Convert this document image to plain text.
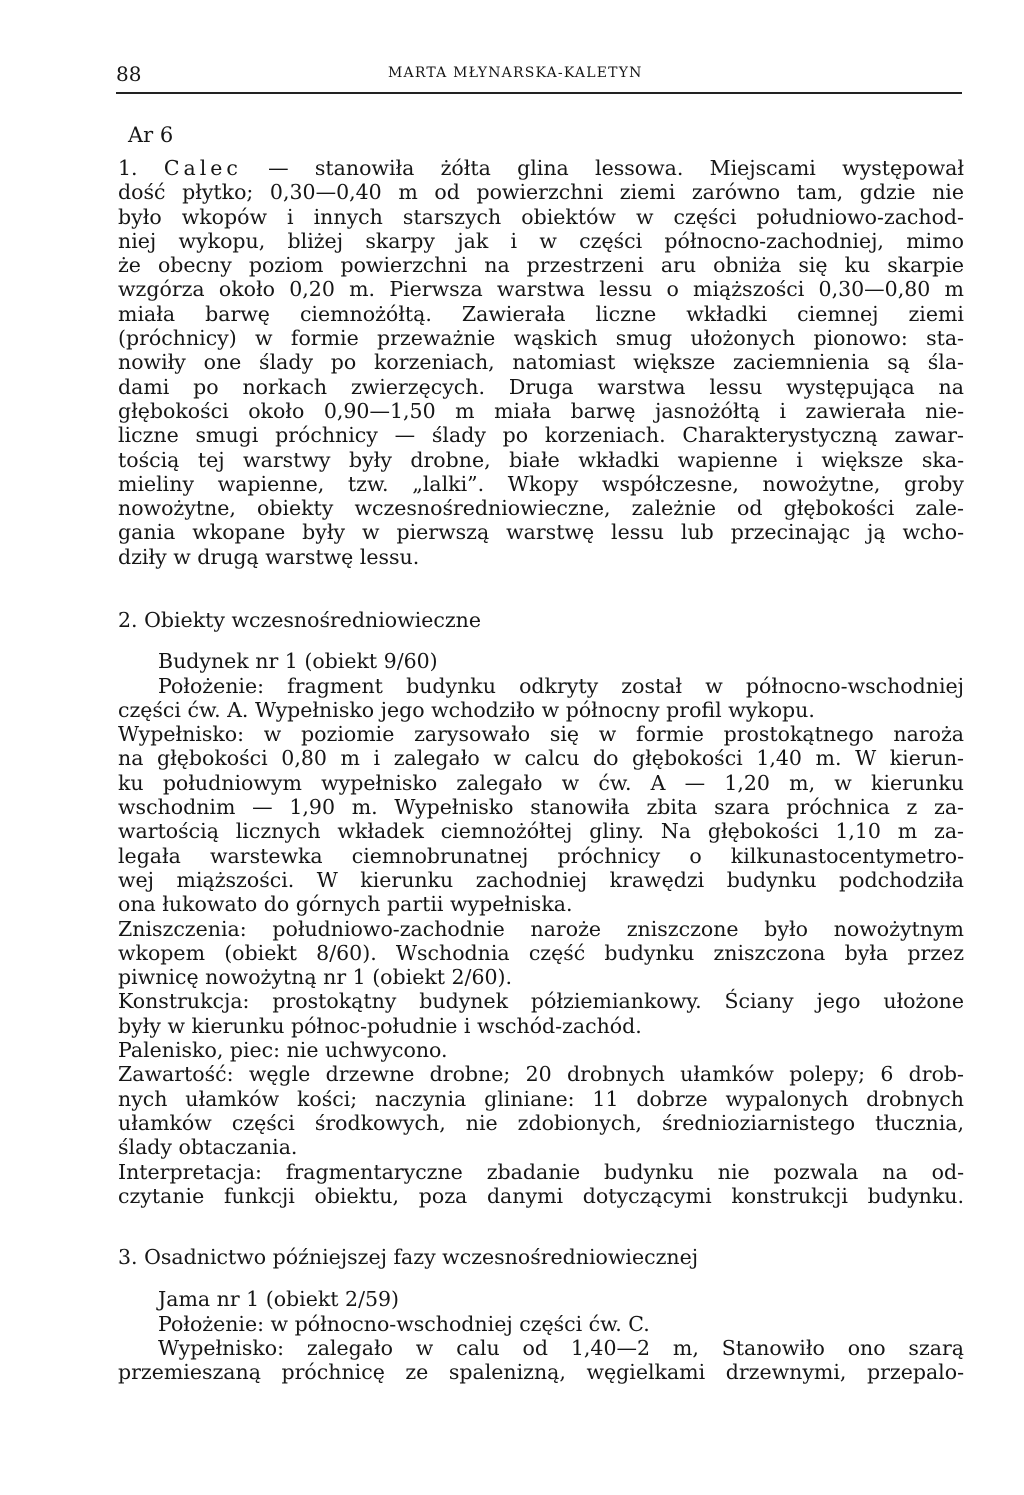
88	MARTA MŁYNARSKA-KALETYN
Ar 6

1. Calec — stanowiła żółta glina lessowa. Miejscami występował

dość płytko; 0,30—0,40 m od powierzchni ziemi zarówno tam, gdzie nie

było wkopów i innych starszych obiektów w części południowo-zachod-

niej wykopu, bliżej skarpy jak i w części północno-zachodniej, mimo

że obecny poziom powierzchni na przestrzeni aru obniża się ku skarpie

wzgórza około 0,20 m. Pierwsza warstwa lessu o miąższości 0,30—0,80 m

miała barwę ciemnożółtą. Zawierała liczne wkładki ciemnej ziemi

(próchnicy) w formie przeważnie wąskich smug ułożonych pionowo: sta-

nowiły one ślady po korzeniach, natomiast większe zaciemnienia są śla-

dami po norkach zwierzęcych. Druga warstwa lessu występująca na

głębokości około 0,90—1,50 m miała barwę jasnożółtą i zawierała nie-

liczne smugi próchnicy — ślady po korzeniach. Charakterystyczną zawar-

tością tej warstwy były drobne, białe wkładki wapienne i większe ska-

mieliny wapienne, tzw. „lalki”. Wkopy współczesne, nowożytne, groby

nowożytne, obiekty wczesnośredniowieczne, zależnie od głębokości zale-

gania wkopane były w pierwszą warstwę lessu lub przecinając ją wcho-

dziły w drugą warstwę lessu.

2. Obiekty wczesnośredniowieczne

Budynek nr 1 (obiekt 9/60)

Położenie: fragment budynku odkryty został w północno-wschodniej

części ćw. A. Wypełnisko jego wchodziło w północny profil wykopu.

Wypełnisko: w poziomie zarysowało się w formie prostokątnego naroża

na głębokości 0,80 m i zalegało w calcu do głębokości 1,40 m. W kierun-

ku południowym wypełnisko zalegało w ćw. A — 1,20 m, w kierunku

wschodnim — 1,90 m. Wypełnisko stanowiła zbita szara próchnica z za-

wartością licznych wkładek ciemnożółtej gliny. Na głębokości 1,10 m za-

legała warstewka ciemnobrunatnej próchnicy o kilkunastocentymetro-

wej miąższości. W kierunku zachodniej krawędzi budynku podchodziła

ona łukowato do górnych partii wypełniska.

Zniszczenia: południowo-zachodnie naroże zniszczone było nowożytnym

wkopem (obiekt 8/60). Wschodnia część budynku zniszczona była przez

piwnicę nowożytną nr 1 (obiekt 2/60).

Konstrukcja: prostokątny budynek półziemiankowy. Ściany jego ułożone

były w kierunku północ-południe i wschód-zachód.

Palenisko, piec: nie uchwycono.

Zawartość: węgle drzewne drobne; 20 drobnych ułamków polepy; 6 drob-

nych ułamków kości; naczynia gliniane: 11 dobrze wypalonych drobnych

ułamków części środkowych, nie zdobionych, średnioziarnistego tłucznia,

ślady obtaczania.

Interpretacja: fragmentaryczne zbadanie budynku nie pozwala na od-

czytanie funkcji obiektu, poza danymi dotyczącymi konstrukcji budynku.

3. Osadnictwo późniejszej fazy wczesnośredniowiecznej

Jama nr 1 (obiekt 2/59)

Położenie: w północno-wschodniej części ćw. C.

Wypełnisko: zalegało w calu od 1,40—2 m, Stanowiło ono szarą

przemieszaną próchnicę ze spalenizną, węgielkami drzewnymi, przepalo-
